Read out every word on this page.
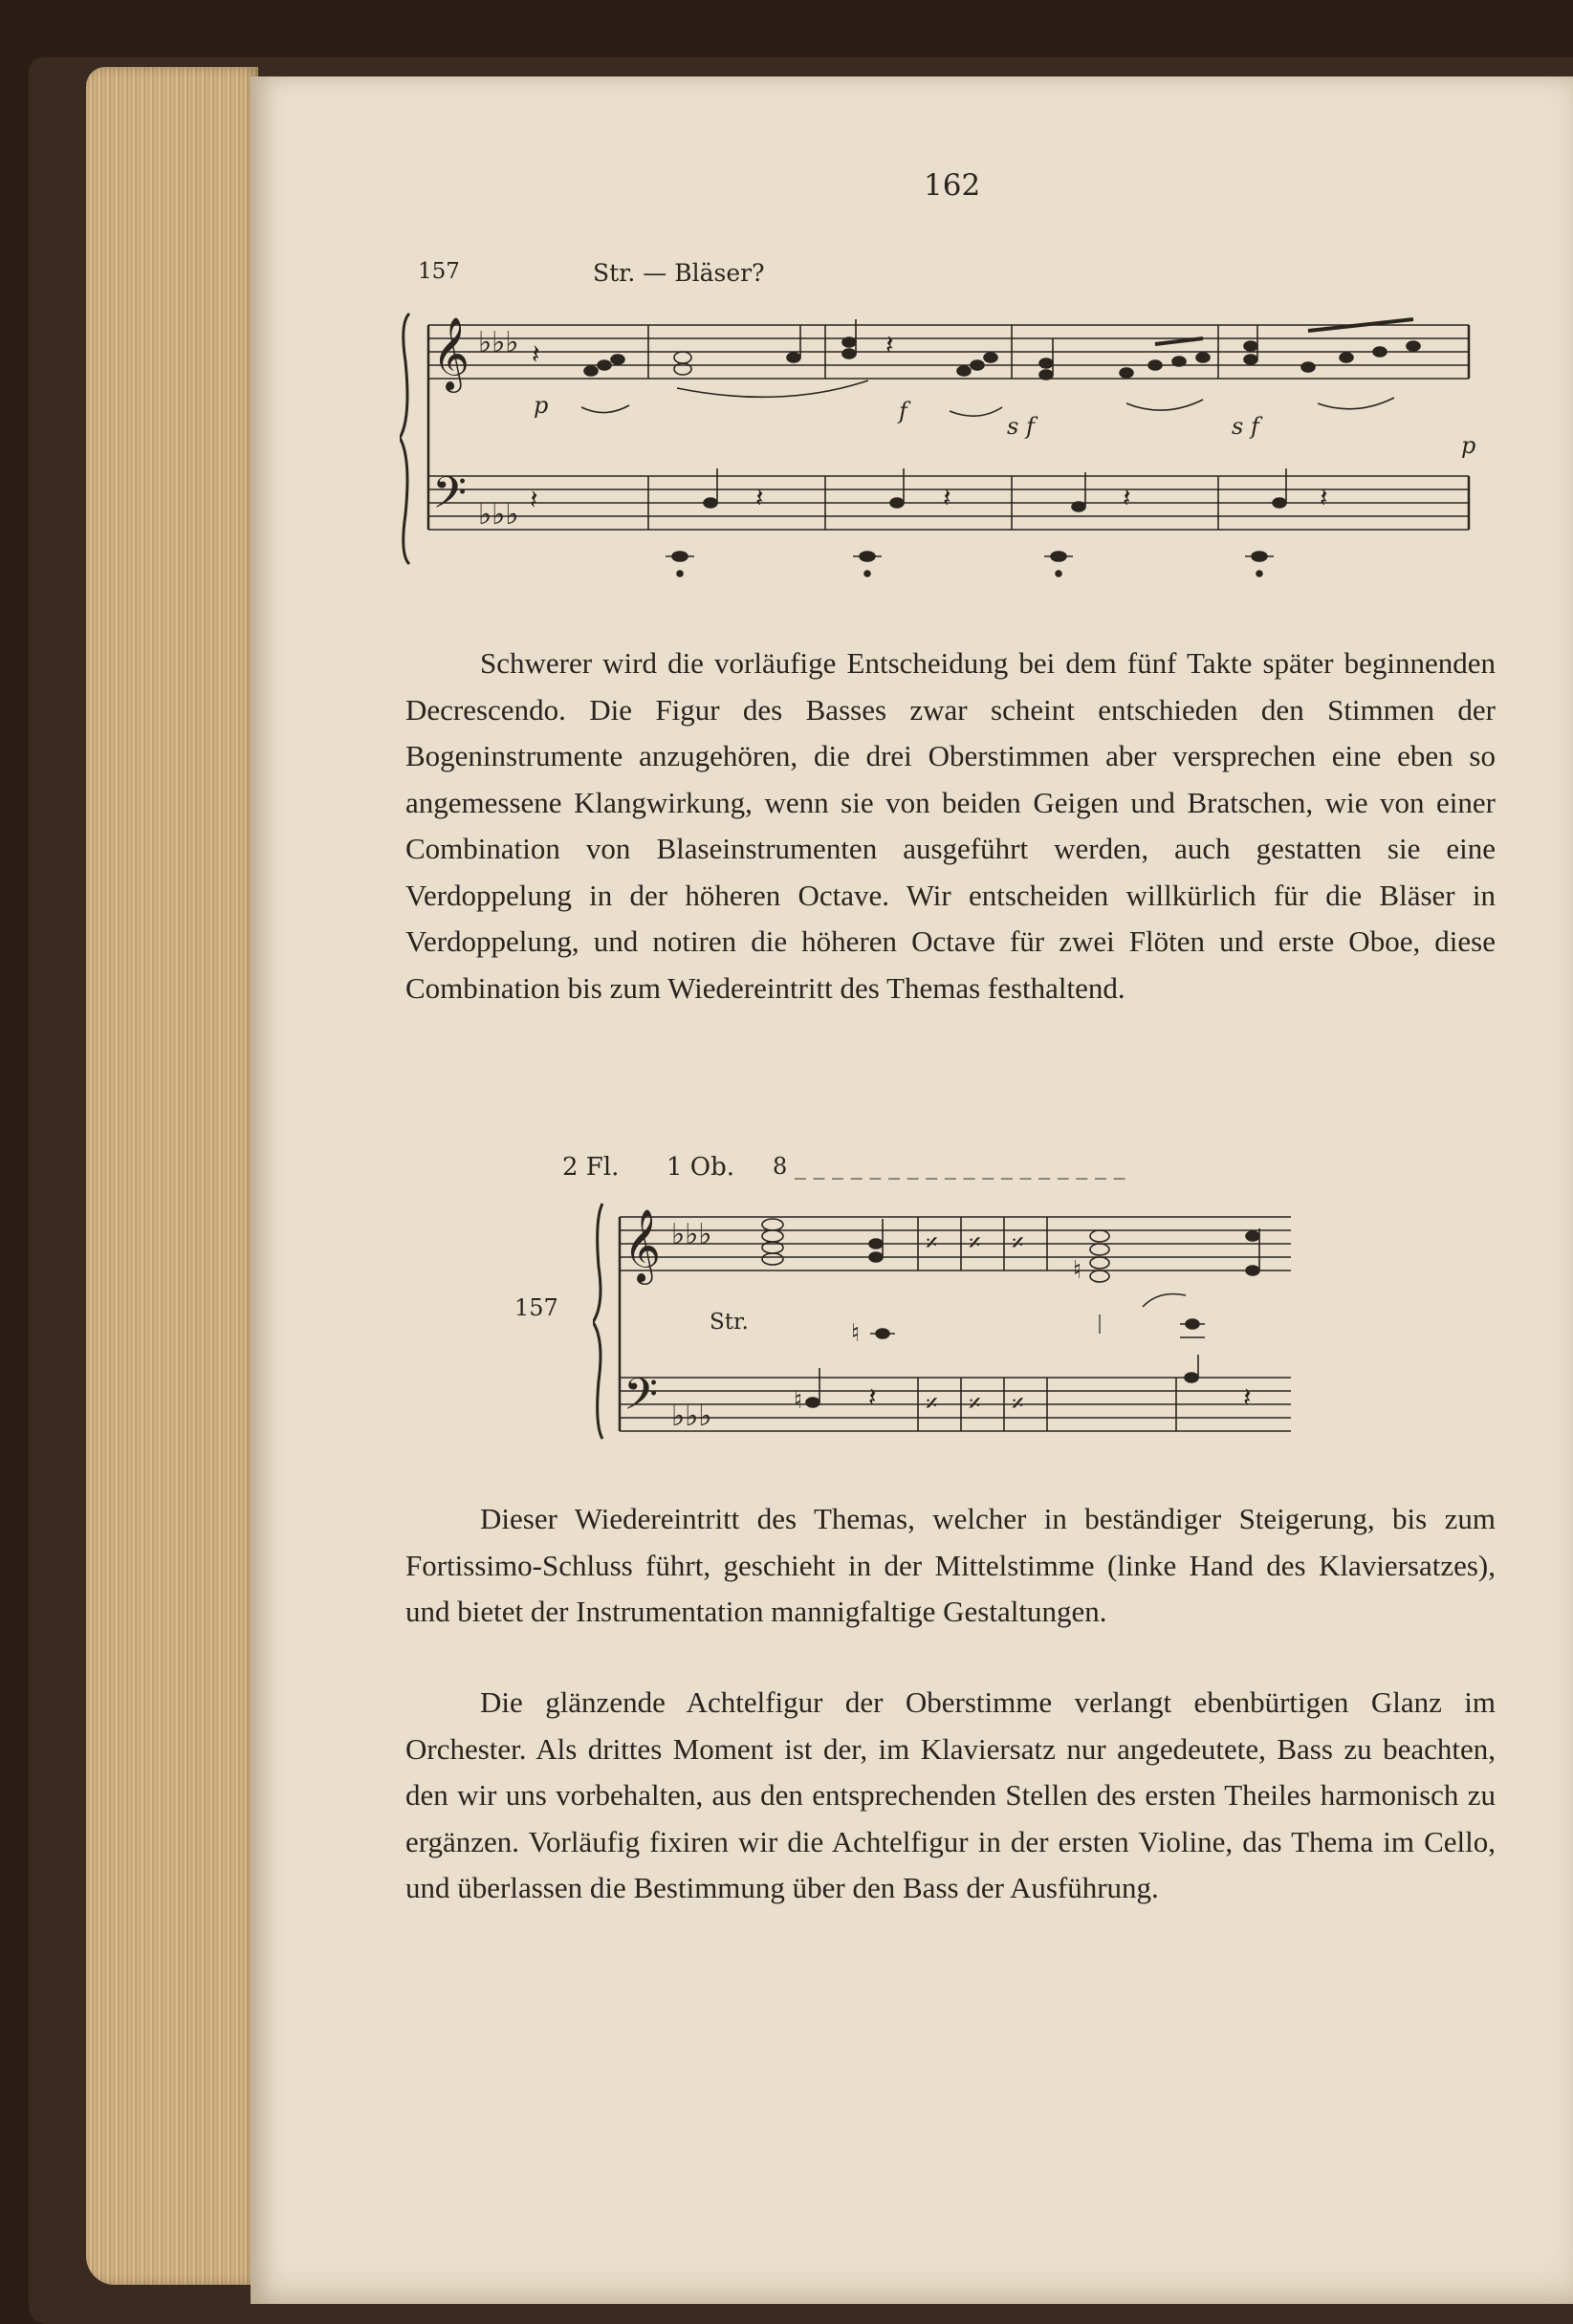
162
157	Str. — Bläser?
𝄞 ♭♭♭
𝄢 ♭♭♭
𝄽
𝄽	𝄽	𝄽	𝄽	𝄽
𝄽
p	f
s f	s f
p
Schwerer wird die vorläufige Entscheidung bei dem fünf Takte später beginnenden Decrescendo. Die Figur des Basses zwar scheint entschieden den Stimmen der Bogeninstrumente anzugehören, die drei Oberstimmen aber versprechen eine eben so angemessene Klangwirkung, wenn sie von beiden Geigen und Bratschen, wie von einer Combination von Blaseinstrumenten ausgeführt werden, auch gestatten sie eine Verdoppelung in der höheren Octave. Wir entscheiden willkürlich für die Bläser in Verdoppelung, und notiren die höheren Octave für zwei Flöten und erste Oboe, diese Combination bis zum Wiedereintritt des Themas festhaltend.
2 Fl. 1 Ob. 8 _ _ _ _ _ _ _ _ _ _ _ _ _ _ _ _ _ _
157
Str.
𝄞 ♭♭♭
𝄢 ♭♭♭
♮
♮
♮
𝄽	𝄽
𝄎 𝄎 𝄎
𝄎 𝄎 𝄎
Dieser Wiedereintritt des Themas, welcher in beständiger Steigerung, bis zum Fortissimo-Schluss führt, geschieht in der Mittelstimme (linke Hand des Klaviersatzes), und bietet der Instrumentation mannigfaltige Gestaltungen.
Die glänzende Achtelfigur der Oberstimme verlangt ebenbürtigen Glanz im Orchester. Als drittes Moment ist der, im Klaviersatz nur angedeutete, Bass zu beachten, den wir uns vorbehalten, aus den entsprechenden Stellen des ersten Theiles harmonisch zu ergänzen. Vorläufig fixiren wir die Achtelfigur in der ersten Violine, das Thema im Cello, und überlassen die Bestimmung über den Bass der Ausführung.
